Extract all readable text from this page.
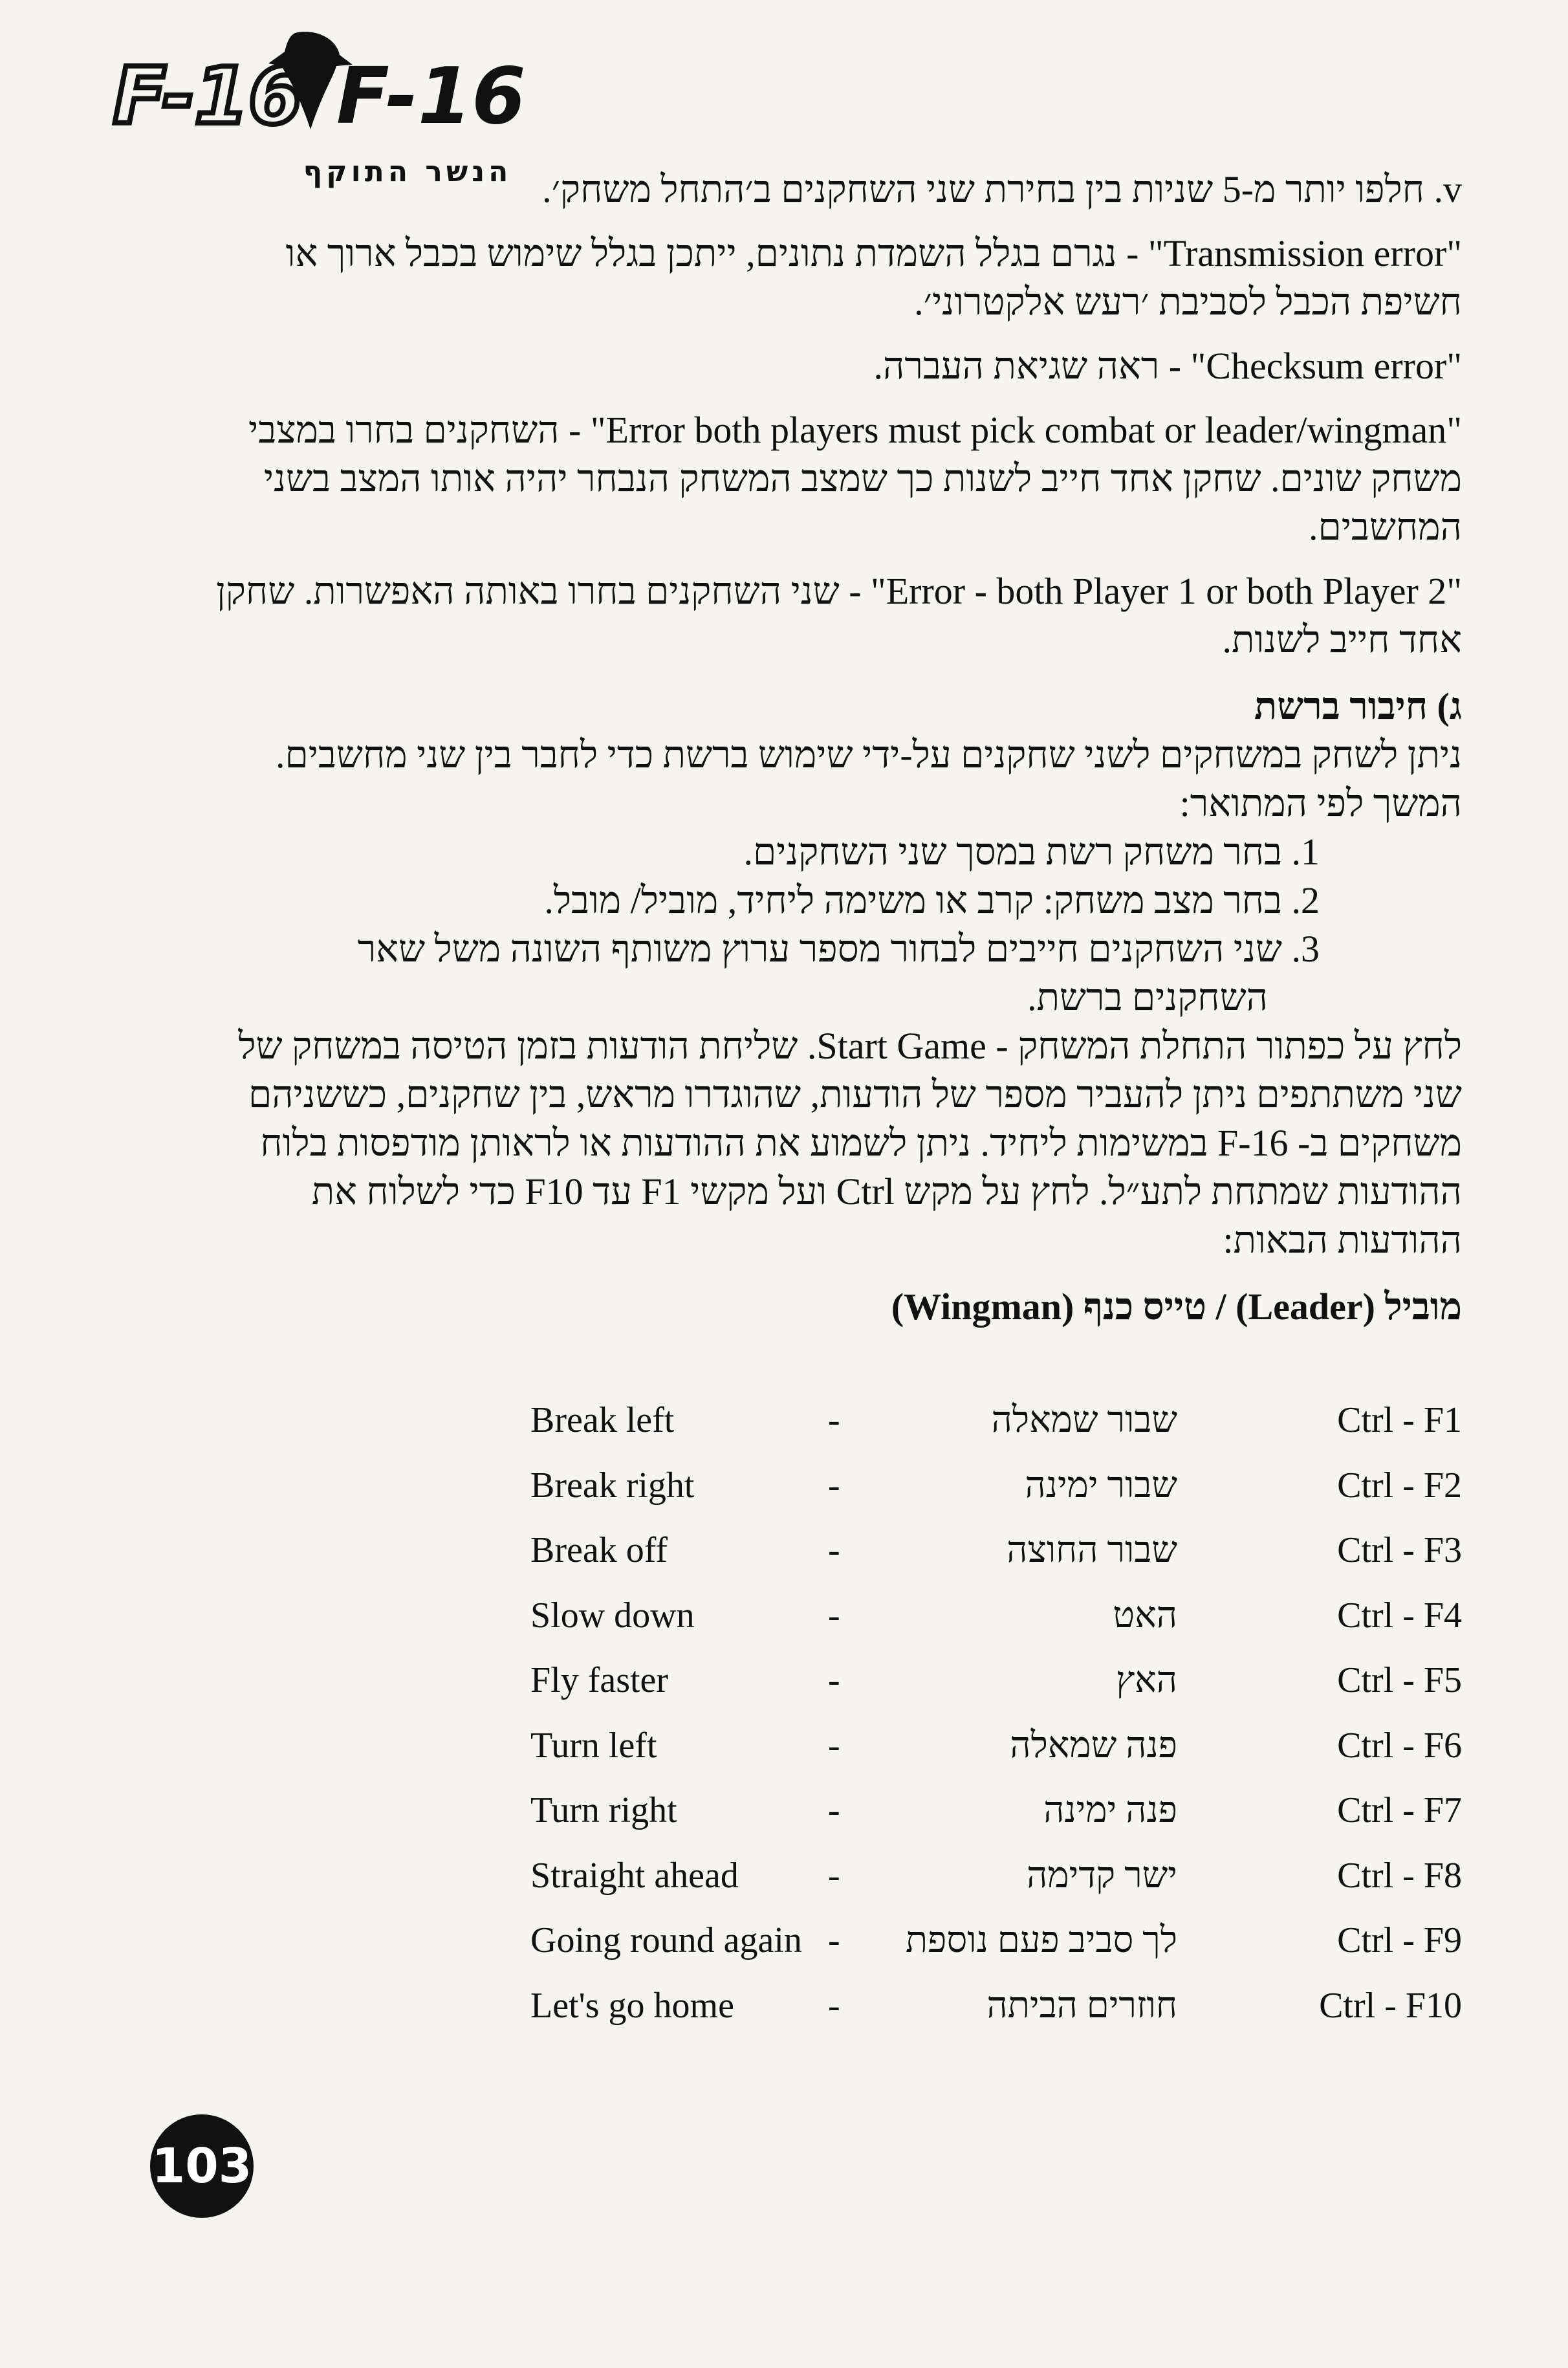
F-16 F-16
הנשר התוקף v. חלפו יותר מ-5 שניות בין בחירת שני השחקנים ב׳התחל משחק׳.

"Transmission error" - נגרם בגלל השמדת נתונים, ייתכן בגלל שימוש בכבל ארוך או חשיפת הכבל לסביבת ׳רעש אלקטרוני׳.

"Checksum error" - ראה שגיאת העברה.

"Error both players must pick combat or leader/wingman" - השחקנים בחרו במצבי משחק שונים. שחקן אחד חייב לשנות כך שמצב המשחק הנבחר יהיה אותו המצב בשני המחשבים.

"Error - both Player 1 or both Player 2" - שני השחקנים בחרו באותה האפשרות. שחקן אחד חייב לשנות.

ג) חיבור ברשת

ניתן לשחק במשחקים לשני שחקנים על-ידי שימוש ברשת כדי לחבר בין שני מחשבים. המשך לפי המתואר:

1. בחר משחק רשת במסך שני השחקנים.

2. בחר מצב משחק: קרב או משימה ליחיד, מוביל/ מובל.

3. שני השחקנים חייבים לבחור מספר ערוץ משותף השונה משל שאר

השחקנים ברשת.

לחץ על כפתור התחלת המשחק - Start Game. שליחת הודעות בזמן הטיסה במשחק של שני משתתפים ניתן להעביר מספר של הודעות, שהוגדרו מראש, בין שחקנים, כששניהם משחקים ב- F-16 במשימות ליחיד. ניתן לשמוע את ההודעות או לראותן מודפסות בלוח ההודעות שמתחת לתע״ל. לחץ על מקש Ctrl ועל מקשי F1 עד F10 כדי לשלוח את ההודעות הבאות:

מוביל (Leader) / טייס כנף (Wingman)

Break left	-	שבור שמאלה	Ctrl - F1
Break right	-	שבור ימינה	Ctrl - F2
Break off	-	שבור החוצה	Ctrl - F3
Slow down	-	האט	Ctrl - F4
Fly faster	-	האץ	Ctrl - F5
Turn left	-	פנה שמאלה	Ctrl - F6
Turn right	-	פנה ימינה	Ctrl - F7
Straight ahead -	ישר קדימה	Ctrl - F8
Going round again - לך סביב פעם נוספת	Ctrl - F9
Let's go home	-	חוזרים הביתה	Ctrl - F10
103
